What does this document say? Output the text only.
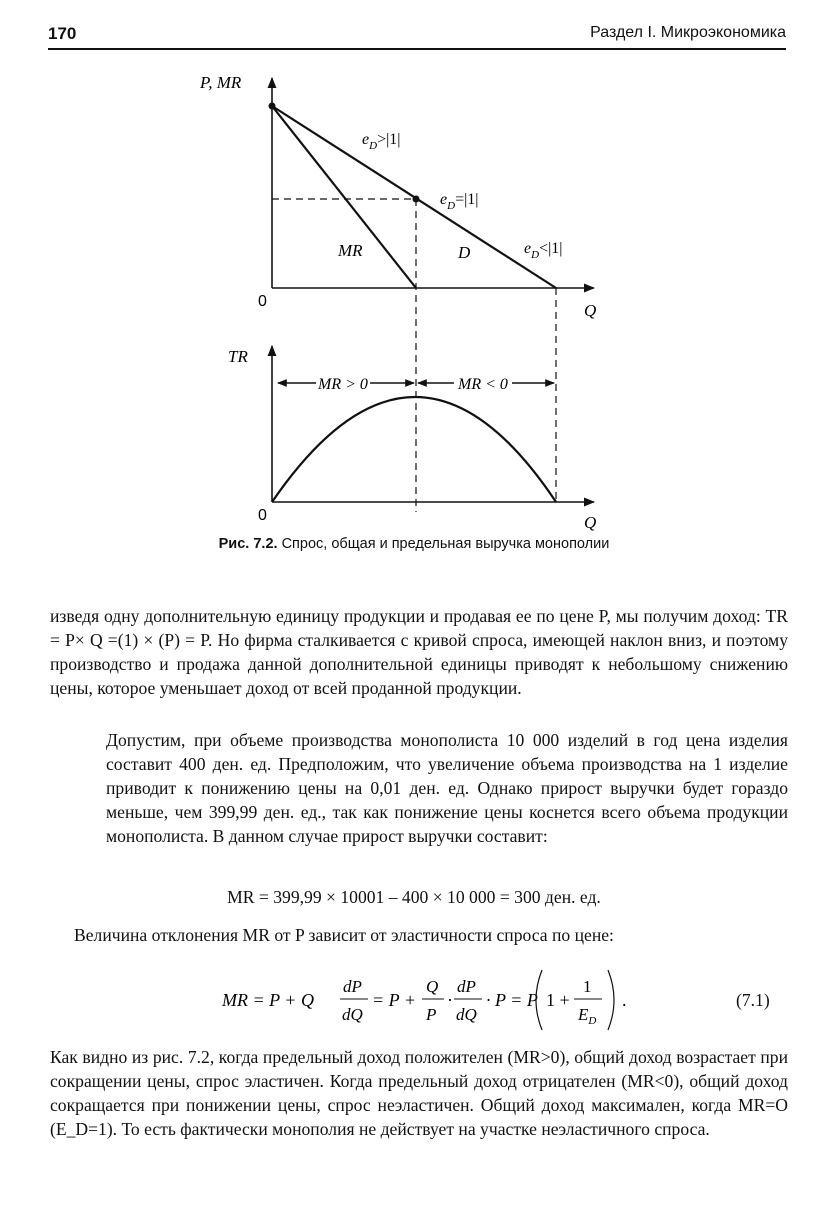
170	Раздел I. Микроэкономика
P, MR
0	Q
$e_D>|1|$
$e_D=|1|$
$e_D<|1|$
MR	D
TR
0	Q
MR > 0	MR < 0
Рис. 7.2. Спрос, общая и предельная выручка монополии

изведя одну дополнительную единицу продукции и продавая ее по цене P, мы получим доход: TR = P× Q =(1) × (P) = P. Но фирма сталкивается с кривой спроса, имеющей наклон вниз, и поэтому производство и продажа данной дополнительной единицы приводят к небольшому снижению цены, которое уменьшает доход от всей проданной продукции.

Допустим, при объеме производства монополиста 10 000 изделий в год цена изделия составит 400 ден. ед. Предположим, что увеличение объема производства на 1 изделие приводит к понижению цены на 0,01 ден. ед. Однако прирост выручки будет гораздо меньше, чем 399,99 ден. ед., так как понижение цены коснется всего объема продукции монополиста. В данном случае прирост выручки составит:

MR = 399,99 × 10001 – 400 × 10 000 = 300 ден. ед.

Величина отклонения MR от P зависит от эластичности спроса по цене:

MR = P + Q
dP
dQ
= P +
Q
P
·
dP
dQ
· P = P 1 +
1
$E_D$
.	(7.1)

Как видно из рис. 7.2, когда предельный доход положителен (MR>0), общий доход возрастает при сокращении цены, спрос эластичен. Когда предельный доход отрицателен (MR<0), общий доход сокращается при понижении цены, спрос неэластичен. Общий доход максимален, когда MR=O (E_D=1). То есть фактически монополия не действует на участке неэластичного спроса.
